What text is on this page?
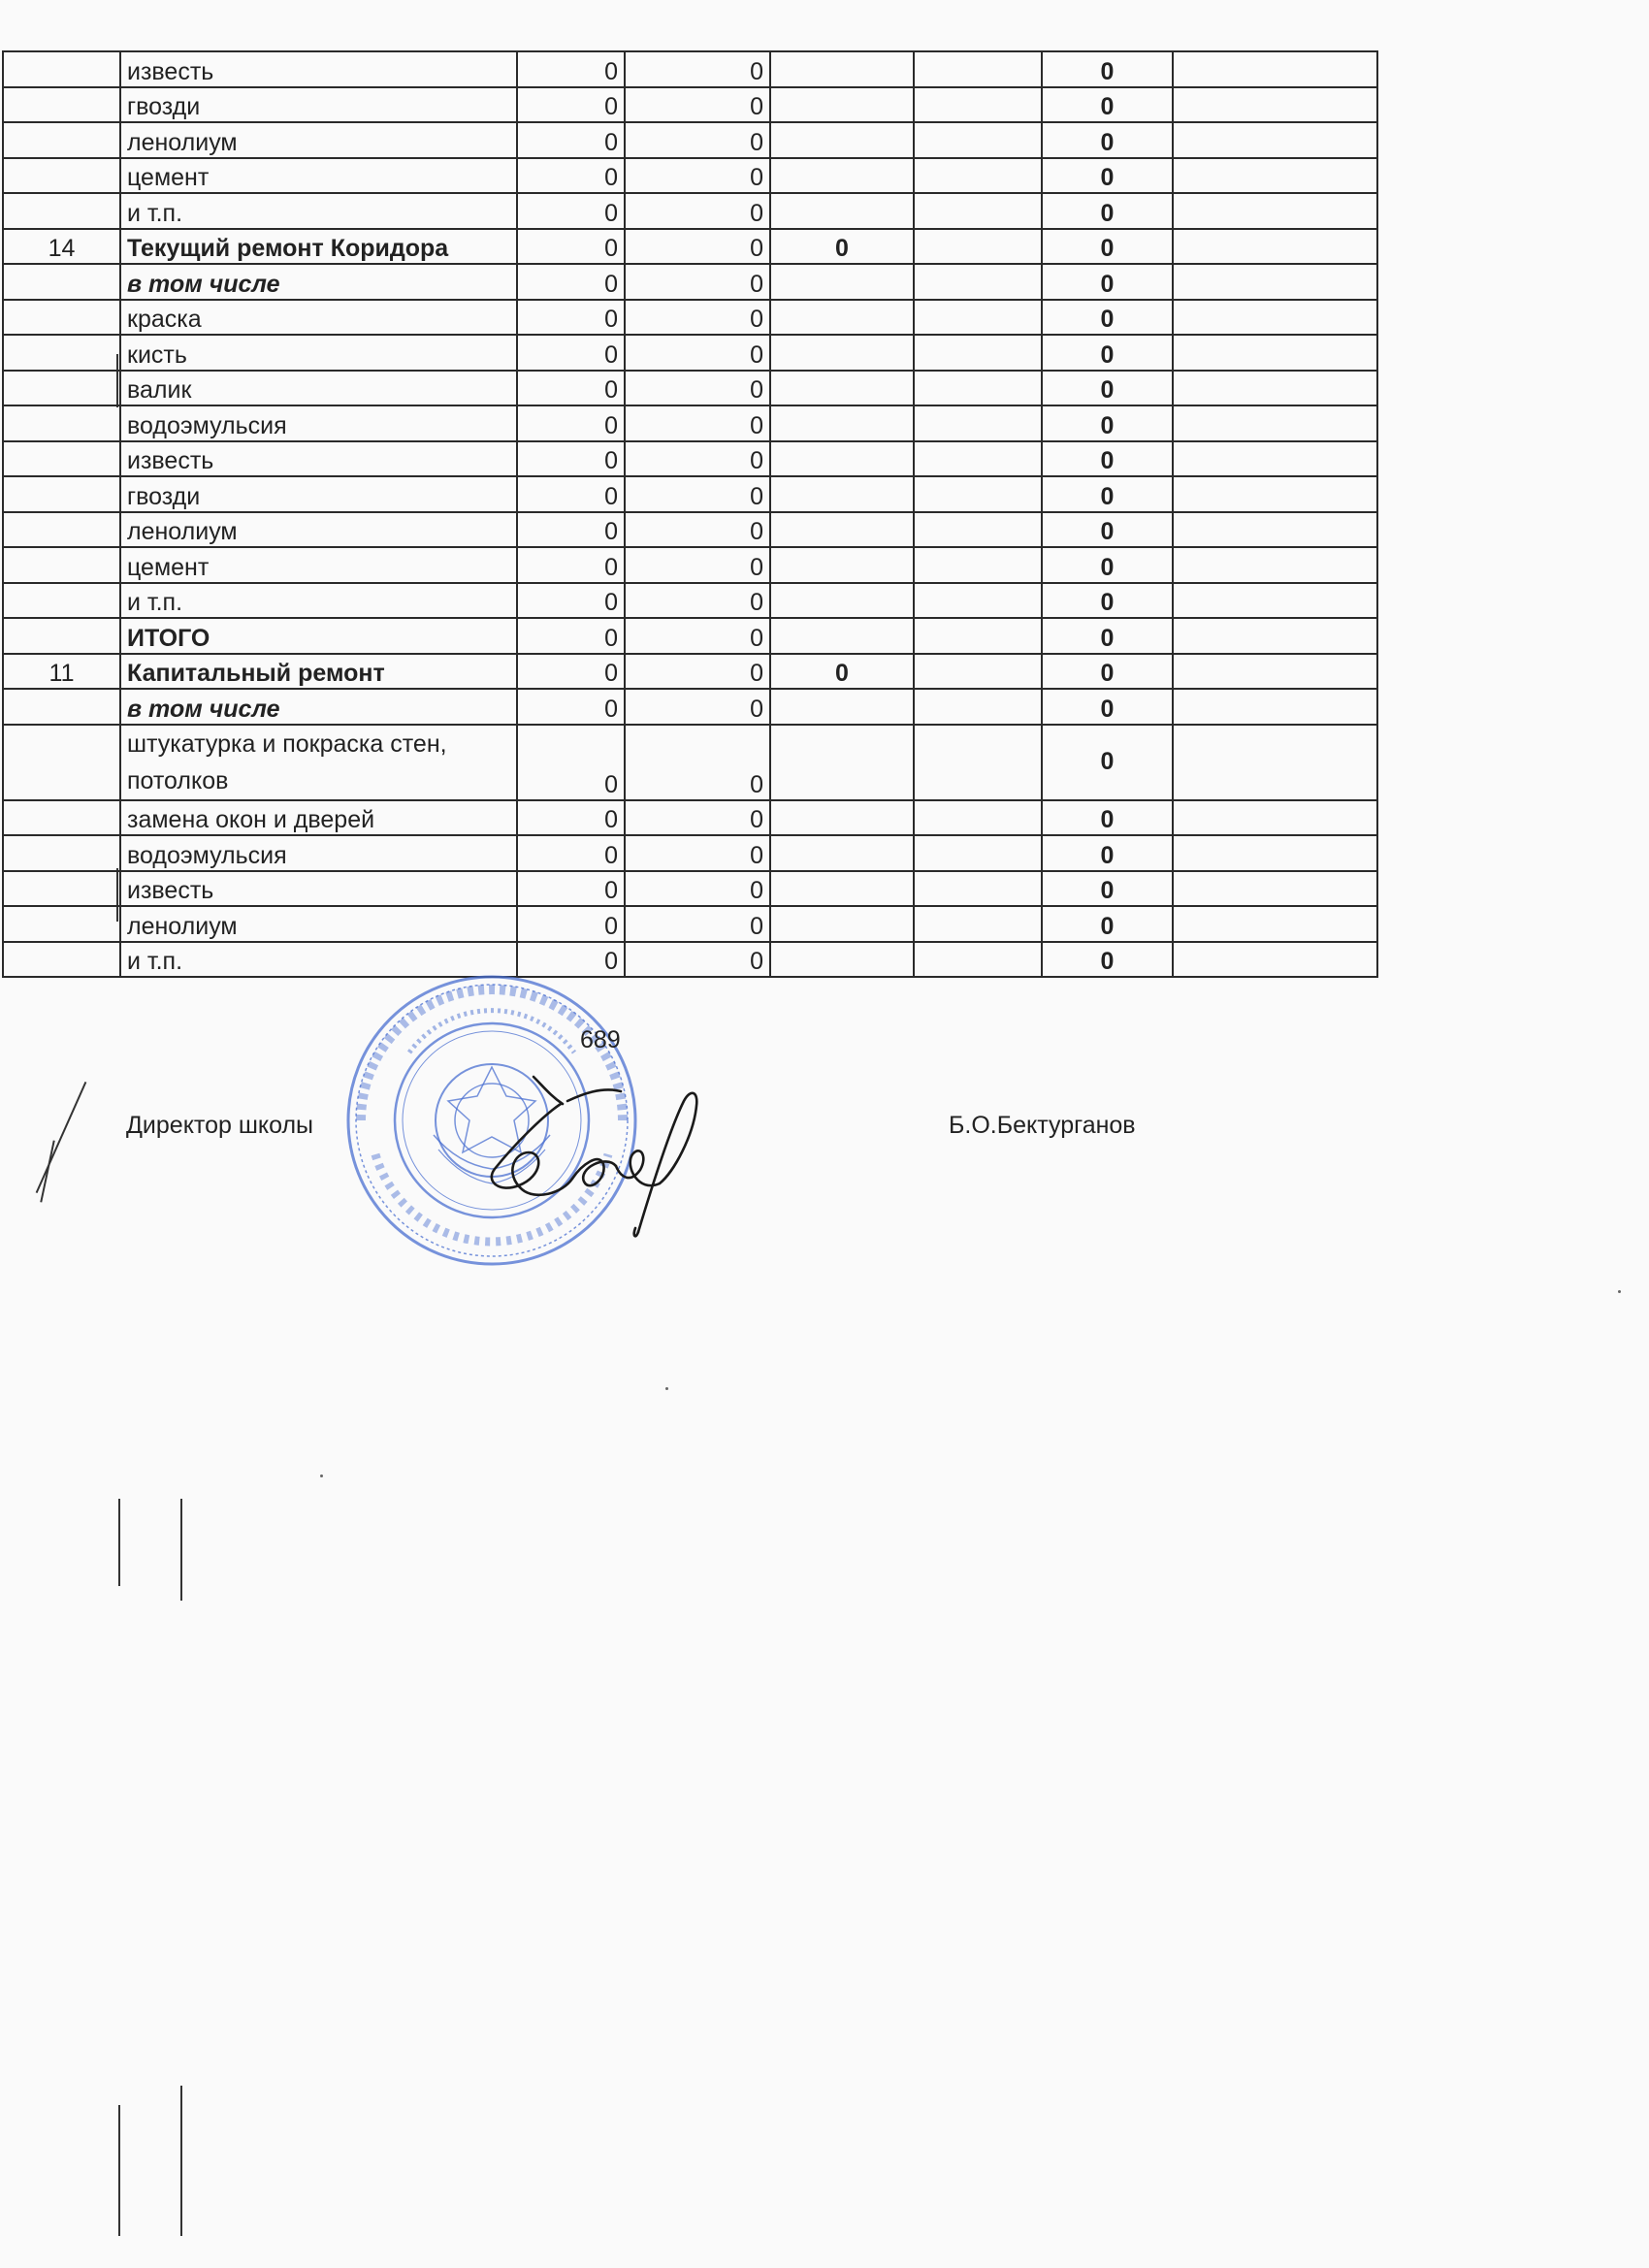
	известь	0	0			0	
	гвозди	0	0			0	
	ленолиум	0	0			0	
	цемент	0	0			0	
	и т.п.	0	0			0	
14	Текущий ремонт Коридора	0	0	0		0	
	в том числе	0	0			0	
	краска	0	0			0	
	кисть	0	0			0	
	валик	0	0			0	
	водоэмульсия	0	0			0	
	известь	0	0			0	
	гвозди	0	0			0	
	ленолиум	0	0			0	
	цемент	0	0			0	
	и т.п.	0	0			0	
	ИТОГО	0	0			0	
11	Капитальный ремонт	0	0	0		0	
	в том числе	0	0			0	
	штукатурка и покраска стен, потолков	0	0			0	
	замена окон и дверей	0	0			0	
	водоэмульсия	0	0			0	
	известь	0	0			0	
	ленолиум	0	0			0	
	и т.п.	0	0			0	
689
Директор школы	Б.О.Бектурганов
